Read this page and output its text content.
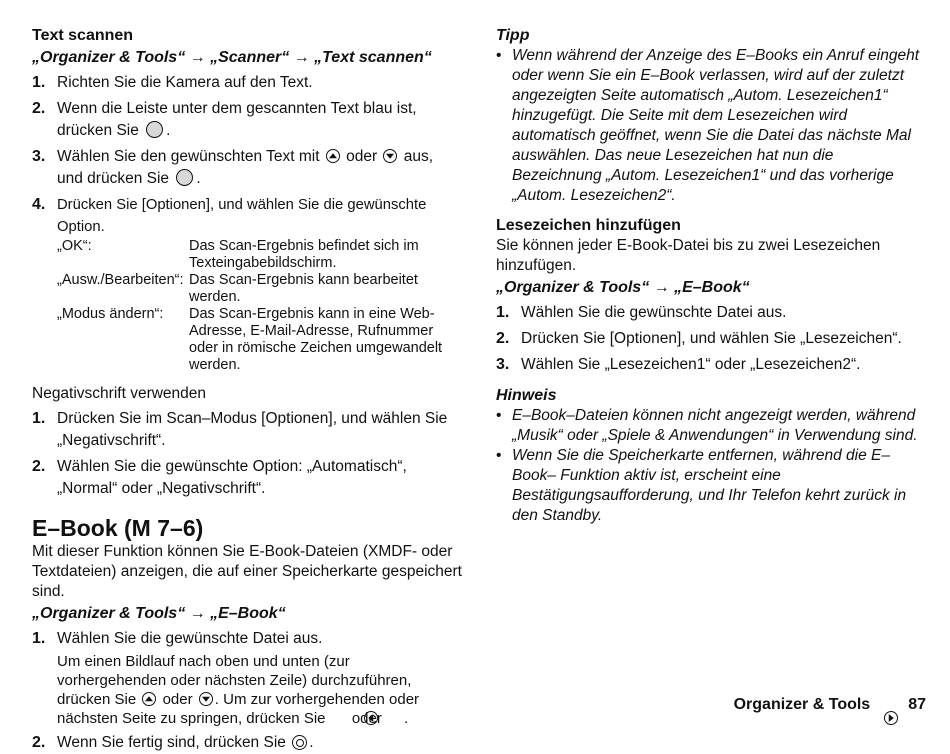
Text scannen
„Organizer & Tools“ → „Scanner“ → „Text scannen“
1. Richten Sie die Kamera auf den Text.
2. Wenn die Leiste unter dem gescannten Text blau ist, drücken Sie .
3. Wählen Sie den gewünschten Text mit oder aus, und drücken Sie .
4. Drücken Sie [Optionen], und wählen Sie die gewünschte Option.
„OK“:	Das Scan-Ergebnis befindet sich im Texteingabebildschirm.
„Ausw./Bearbeiten“: Das Scan-Ergebnis kann bearbeitet werden.
„Modus ändern“:	Das Scan-Ergebnis kann in eine Web-Adresse, E-Mail-Adresse, Rufnummer oder in römische Zeichen umgewandelt werden.
Negativschrift verwenden
1. Drücken Sie im Scan–Modus [Optionen], und wählen Sie „Negativschrift“.
2. Wählen Sie die gewünschte Option: „Automatisch“, „Normal“ oder „Negativschrift“.
E–Book (M 7–6)
Mit dieser Funktion können Sie E-Book-Dateien (XMDF- oder Textdateien) anzeigen, die auf einer Speicherkarte gespeichert sind.
„Organizer & Tools“ → „E–Book“
1. Wählen Sie die gewünschte Datei aus.
Um einen Bildlauf nach oben und unten (zur vorhergehenden oder nächsten Zeile) durchzuführen, drücken Sie oder . Um zur vorhergehenden oder nächsten Seite zu springen, drücken Sie oder .
2. Wenn Sie fertig sind, drücken Sie .
Tipp
• Wenn während der Anzeige des E–Books ein Anruf eingeht oder wenn Sie ein E–Book verlassen, wird auf der zuletzt angezeigten Seite automatisch „Autom. Lesezeichen1“ hinzugefügt. Die Seite mit dem Lesezeichen wird automatisch geöffnet, wenn Sie die Datei das nächste Mal auswählen. Das neue Lesezeichen hat nun die Bezeichnung „Autom. Lesezeichen1“ und das vorherige „Autom. Lesezeichen2“.
Lesezeichen hinzufügen
Sie können jeder E-Book-Datei bis zu zwei Lesezeichen hinzufügen.
„Organizer & Tools“ → „E–Book“
1. Wählen Sie die gewünschte Datei aus.
2. Drücken Sie [Optionen], und wählen Sie „Lesezeichen“.
3. Wählen Sie „Lesezeichen1“ oder „Lesezeichen2“.
Hinweis
• E–Book–Dateien können nicht angezeigt werden, während „Musik“ oder „Spiele & Anwendungen“ in Verwendung sind.
• Wenn Sie die Speicherkarte entfernen, während die E–Book– Funktion aktiv ist, erscheint eine Bestätigungsaufforderung, und Ihr Telefon kehrt zurück in den Standby.
Organizer & Tools 87
